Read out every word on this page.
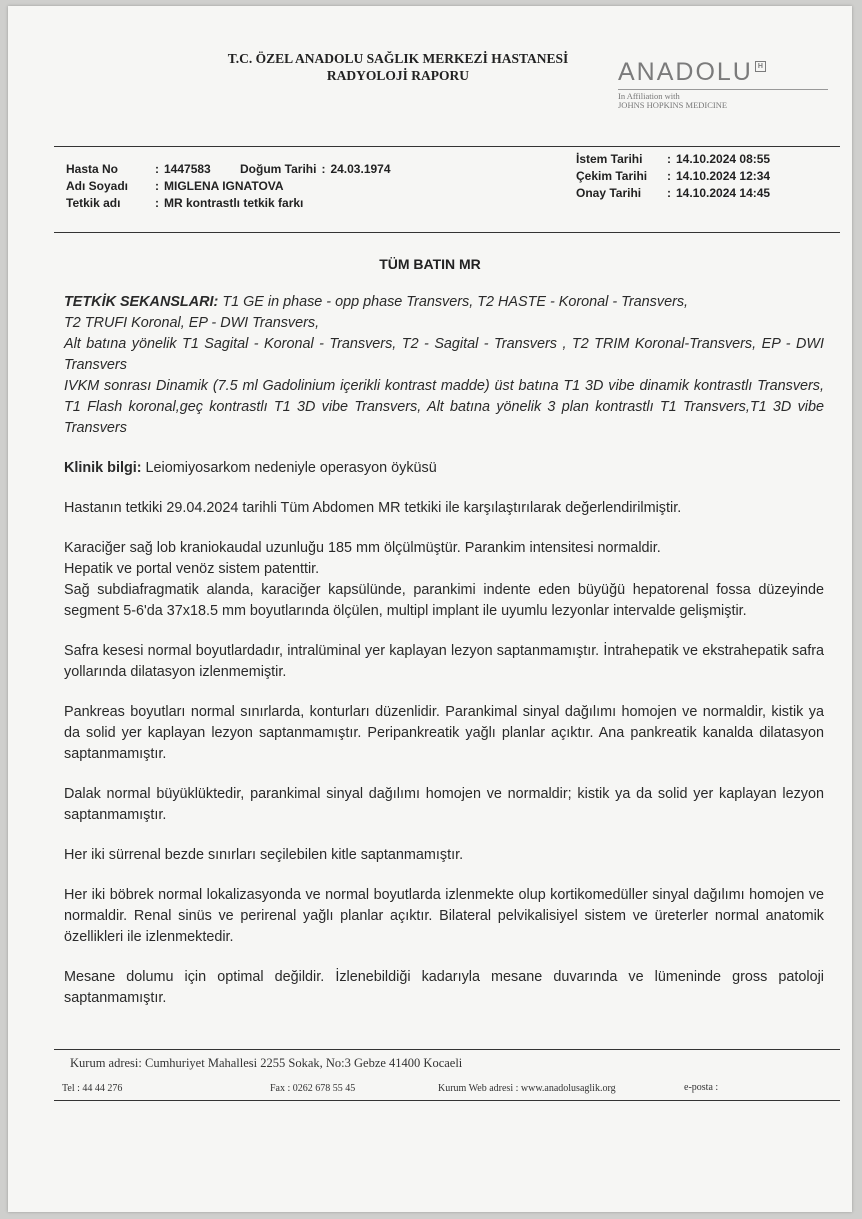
T.C. ÖZEL ANADOLU SAĞLIK MERKEZİ HASTANESİ
RADYOLOJİ RAPORU	ANADOLU H
In Affiliation with
JOHNS HOPKINS MEDICINE
Hasta No	: 1447583 Doğum Tarihi : 24.03.1974
Adı Soyadı : MIGLENA IGNATOVA
Tetkik adı	: MR kontrastlı tetkik farkı
İstem Tarihi : 14.10.2024 08:55
Çekim Tarihi : 14.10.2024 12:34
Onay Tarihi : 14.10.2024 14:45
TÜM BATIN MR

TETKİK SEKANSLARI: T1 GE in phase - opp phase Transvers, T2 HASTE - Koronal - Transvers,
T2 TRUFI Koronal, EP - DWI Transvers,
Alt batına yönelik T1 Sagital - Koronal - Transvers, T2 - Sagital - Transvers , T2 TRIM Koronal-Transvers, EP - DWI Transvers
IVKM sonrası Dinamik (7.5 ml Gadolinium içerikli kontrast madde) üst batına T1 3D vibe dinamik kontrastlı Transvers, T1 Flash koronal,geç kontrastlı T1 3D vibe Transvers, Alt batına yönelik 3 plan kontrastlı T1 Transvers,T1 3D vibe Transvers

Klinik bilgi: Leiomiyosarkom nedeniyle operasyon öyküsü

Hastanın tetkiki 29.04.2024 tarihli Tüm Abdomen MR tetkiki ile karşılaştırılarak değerlendirilmiştir.

Karaciğer sağ lob kraniokaudal uzunluğu 185 mm ölçülmüştür. Parankim intensitesi normaldir.
Hepatik ve portal venöz sistem patenttir.
Sağ subdiafragmatik alanda, karaciğer kapsülünde, parankimi indente eden büyüğü hepatorenal fossa düzeyinde segment 5-6'da 37x18.5 mm boyutlarında ölçülen, multipl implant ile uyumlu lezyonlar intervalde gelişmiştir.

Safra kesesi normal boyutlardadır, intralüminal yer kaplayan lezyon saptanmamıştır. İntrahepatik ve ekstrahepatik safra yollarında dilatasyon izlenmemiştir.

Pankreas boyutları normal sınırlarda, konturları düzenlidir. Parankimal sinyal dağılımı homojen ve normaldir, kistik ya da solid yer kaplayan lezyon saptanmamıştır. Peripankreatik yağlı planlar açıktır. Ana pankreatik kanalda dilatasyon saptanmamıştır.

Dalak normal büyüklüktedir, parankimal sinyal dağılımı homojen ve normaldir; kistik ya da solid yer kaplayan lezyon saptanmamıştır.

Her iki sürrenal bezde sınırları seçilebilen kitle saptanmamıştır.

Her iki böbrek normal lokalizasyonda ve normal boyutlarda izlenmekte olup kortikomedüller sinyal dağılımı homojen ve normaldir. Renal sinüs ve perirenal yağlı planlar açıktır. Bilateral pelvikalisiyel sistem ve üreterler normal anatomik özellikleri ile izlenmektedir.

Mesane dolumu için optimal değildir. İzlenebildiği kadarıyla mesane duvarında ve lümeninde gross patoloji saptanmamıştır.

Kurum adresi: Cumhuriyet Mahallesi 2255 Sokak, No:3 Gebze 41400 Kocaeli
Tel : 44 44 276	Fax : 0262 678 55 45	Kurum Web adresi : www.anadolusaglik.org	e-posta :
